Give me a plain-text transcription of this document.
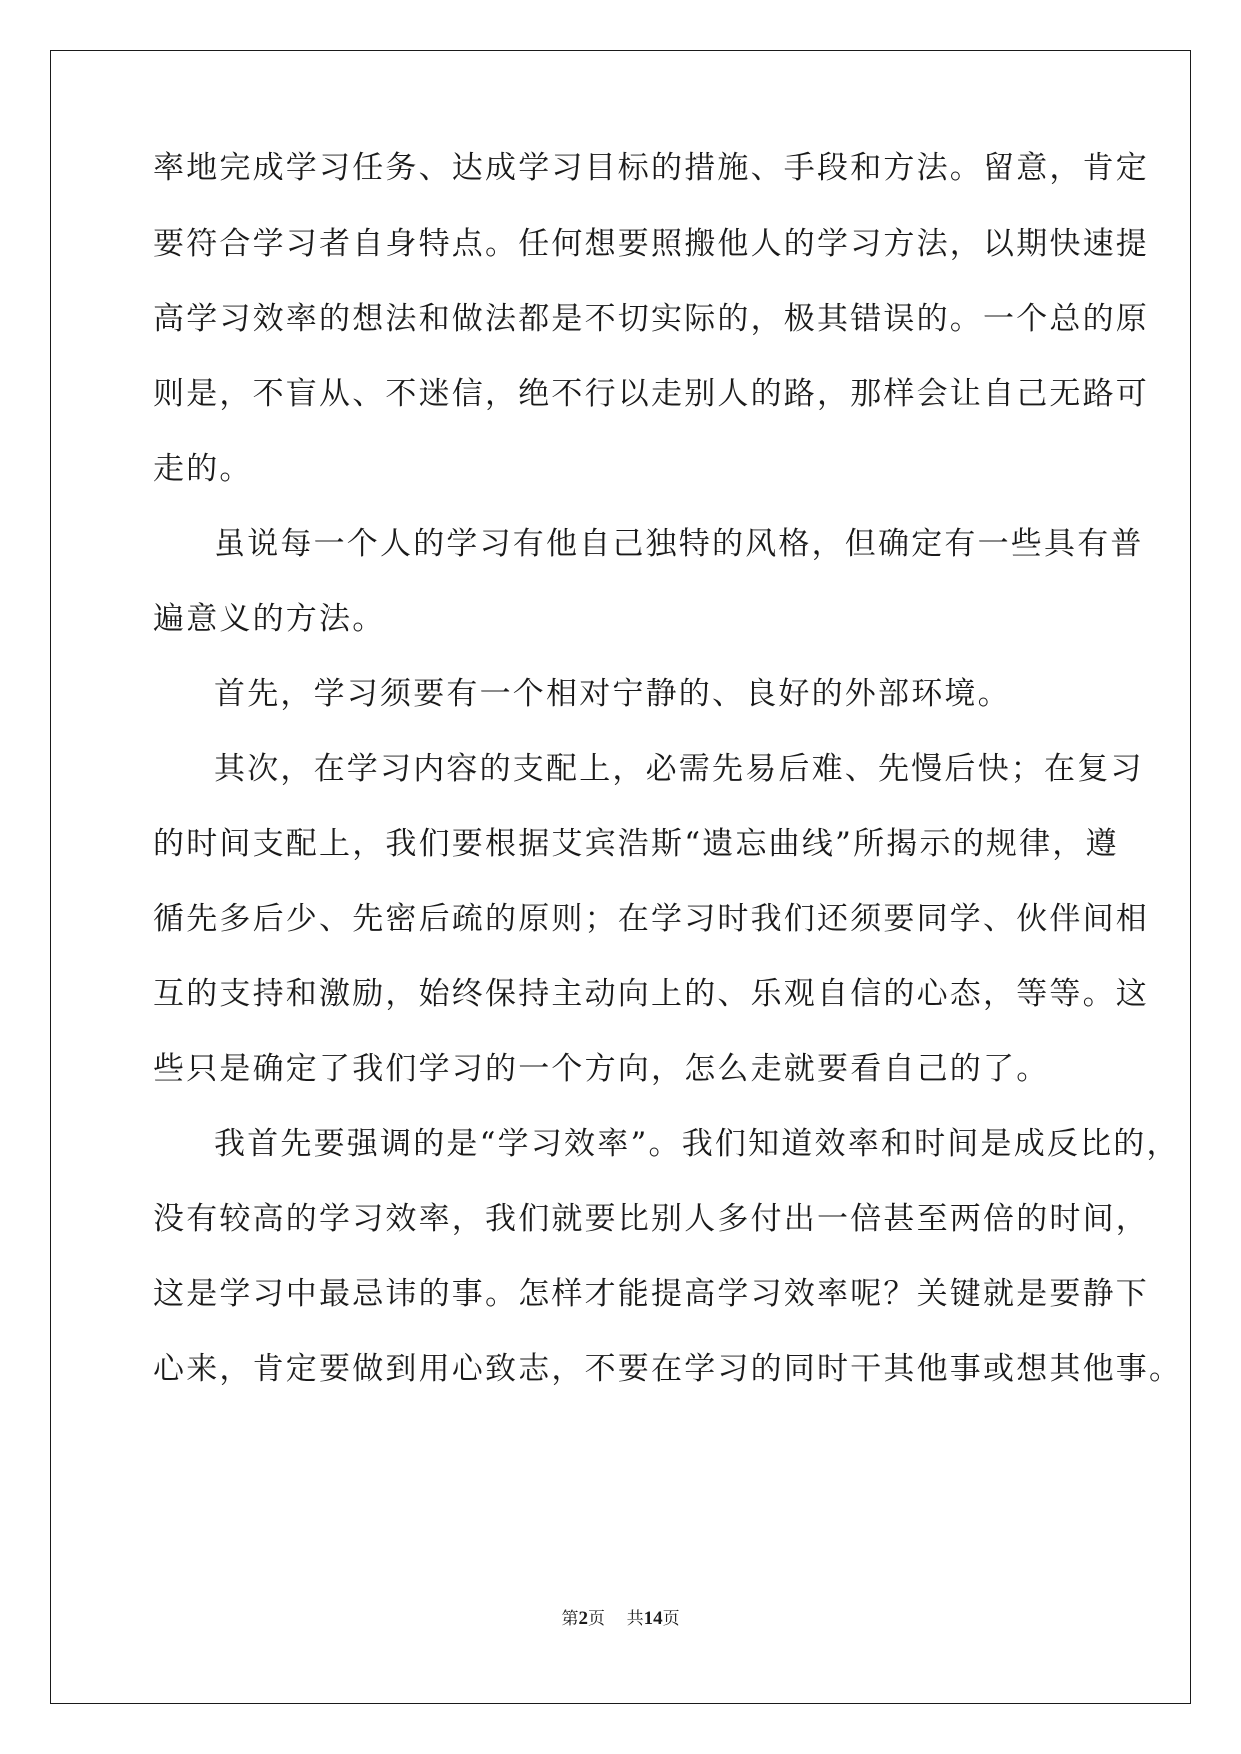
率地完成学习任务、达成学习目标的措施、手段和方法。留意，肯定
要符合学习者自身特点。任何想要照搬他人的学习方法，以期快速提
高学习效率的想法和做法都是不切实际的，极其错误的。一个总的原
则是，不盲从、不迷信，绝不行以走别人的路，那样会让自己无路可
走的。
虽说每一个人的学习有他自己独特的风格，但确定有一些具有普
遍意义的方法。
首先，学习须要有一个相对宁静的、良好的外部环境。
其次，在学习内容的支配上，必需先易后难、先慢后快；在复习
的时间支配上，我们要根据艾宾浩斯“遗忘曲线”所揭示的规律，遵
循先多后少、先密后疏的原则；在学习时我们还须要同学、伙伴间相
互的支持和激励，始终保持主动向上的、乐观自信的心态，等等。这
些只是确定了我们学习的一个方向，怎么走就要看自己的了。
我首先要强调的是“学习效率”。我们知道效率和时间是成反比的，
没有较高的学习效率，我们就要比别人多付出一倍甚至两倍的时间，
这是学习中最忌讳的事。怎样才能提高学习效率呢？关键就是要静下
心来，肯定要做到用心致志，不要在学习的同时干其他事或想其他事。
第2页 共14页
